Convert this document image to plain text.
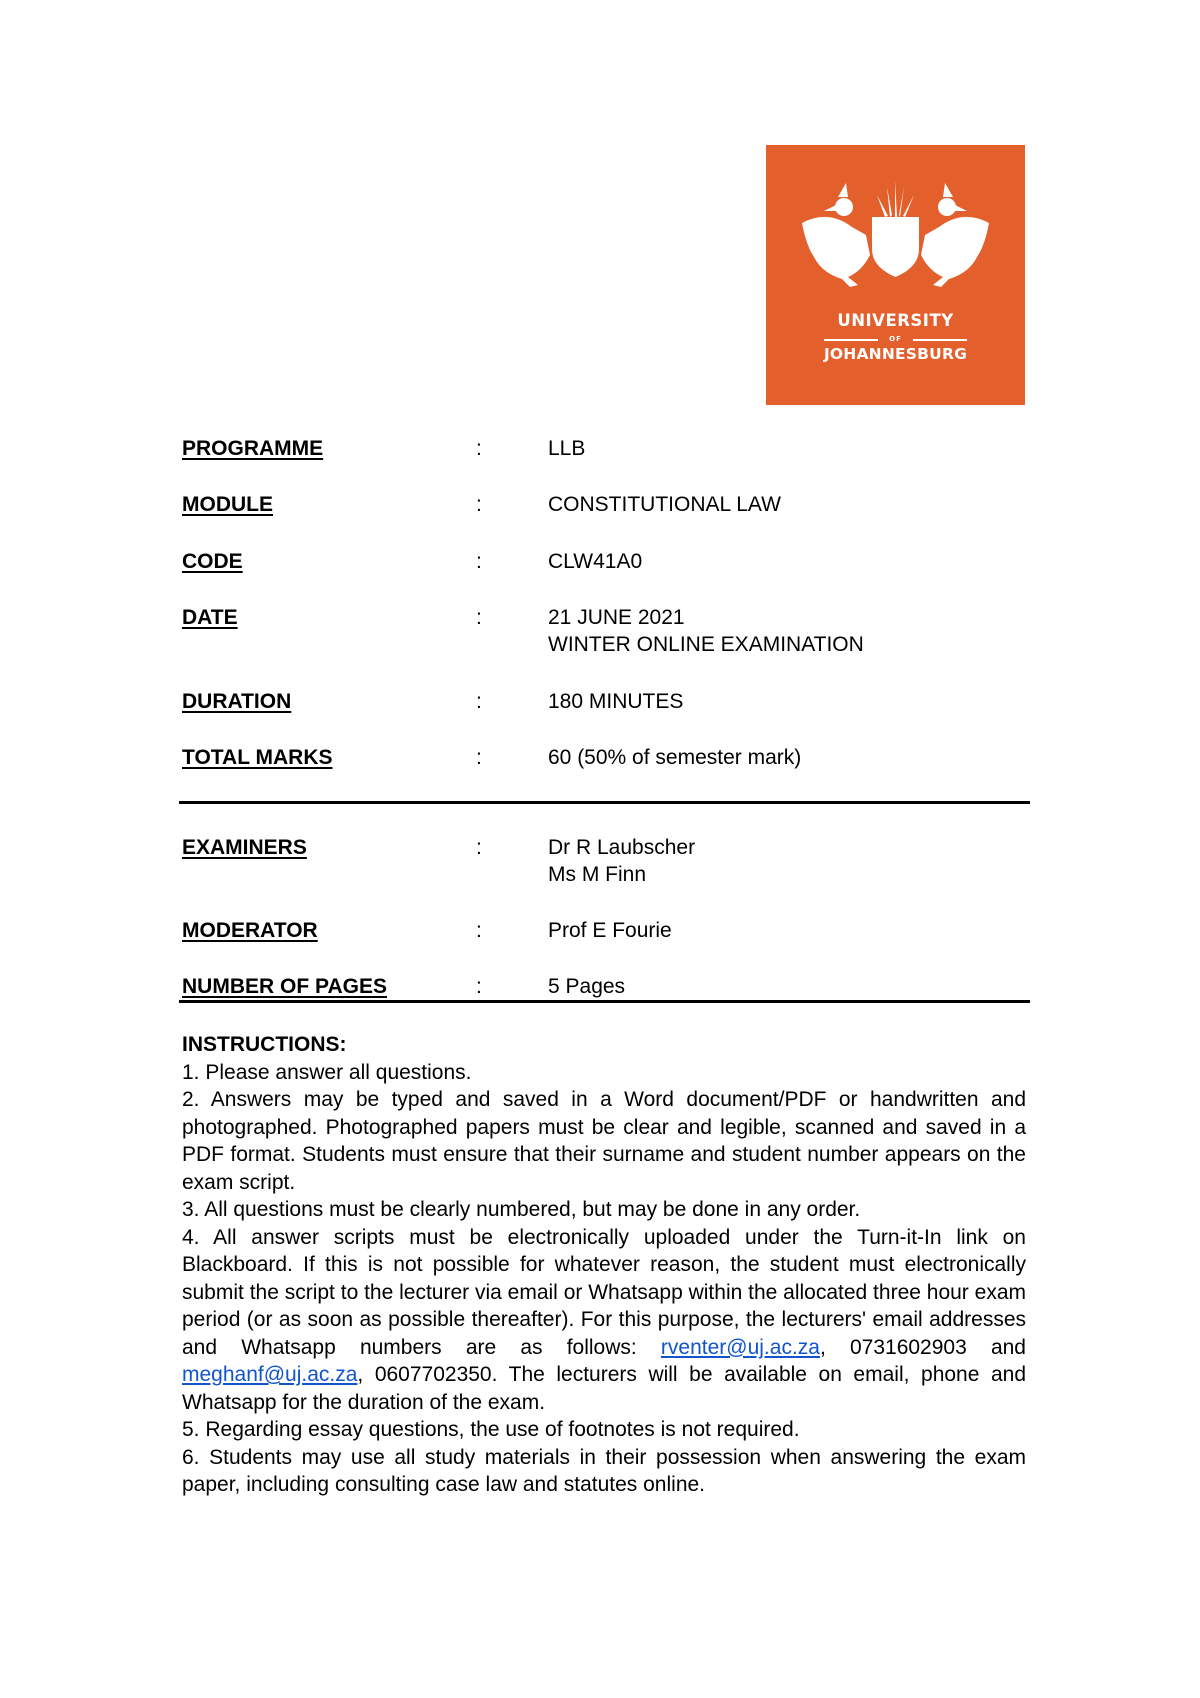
UNIVERSITY
OF
JOHANNESBURG
PROGRAMME	:	LLB
MODULE	:	CONSTITUTIONAL LAW
CODE	:	CLW41A0
DATE	:	21 JUNE 2021
WINTER ONLINE EXAMINATION
DURATION	:	180 MINUTES
TOTAL MARKS	:	60 (50% of semester mark)
EXAMINERS	:	Dr R Laubscher
Ms M Finn
MODERATOR	:	Prof E Fourie
NUMBER OF PAGES	:	5 Pages

INSTRUCTIONS:

1. Please answer all questions.

2. Answers may be typed and saved in a Word document/PDF or handwritten and photographed. Photographed papers must be clear and legible, scanned and saved in a PDF format. Students must ensure that their surname and student number appears on the exam script.

3. All questions must be clearly numbered, but may be done in any order.

4. All answer scripts must be electronically uploaded under the Turn-it-In link on Blackboard. If this is not possible for whatever reason, the student must electronically submit the script to the lecturer via email or Whatsapp within the allocated three hour exam period (or as soon as possible thereafter). For this purpose, the lecturers' email addresses and Whatsapp numbers are as follows: rventer@uj.ac.za, 0731602903 and meghanf@uj.ac.za, 0607702350. The lecturers will be available on email, phone and Whatsapp for the duration of the exam.

5. Regarding essay questions, the use of footnotes is not required.

6. Students may use all study materials in their possession when answering the exam paper, including consulting case law and statutes online.
